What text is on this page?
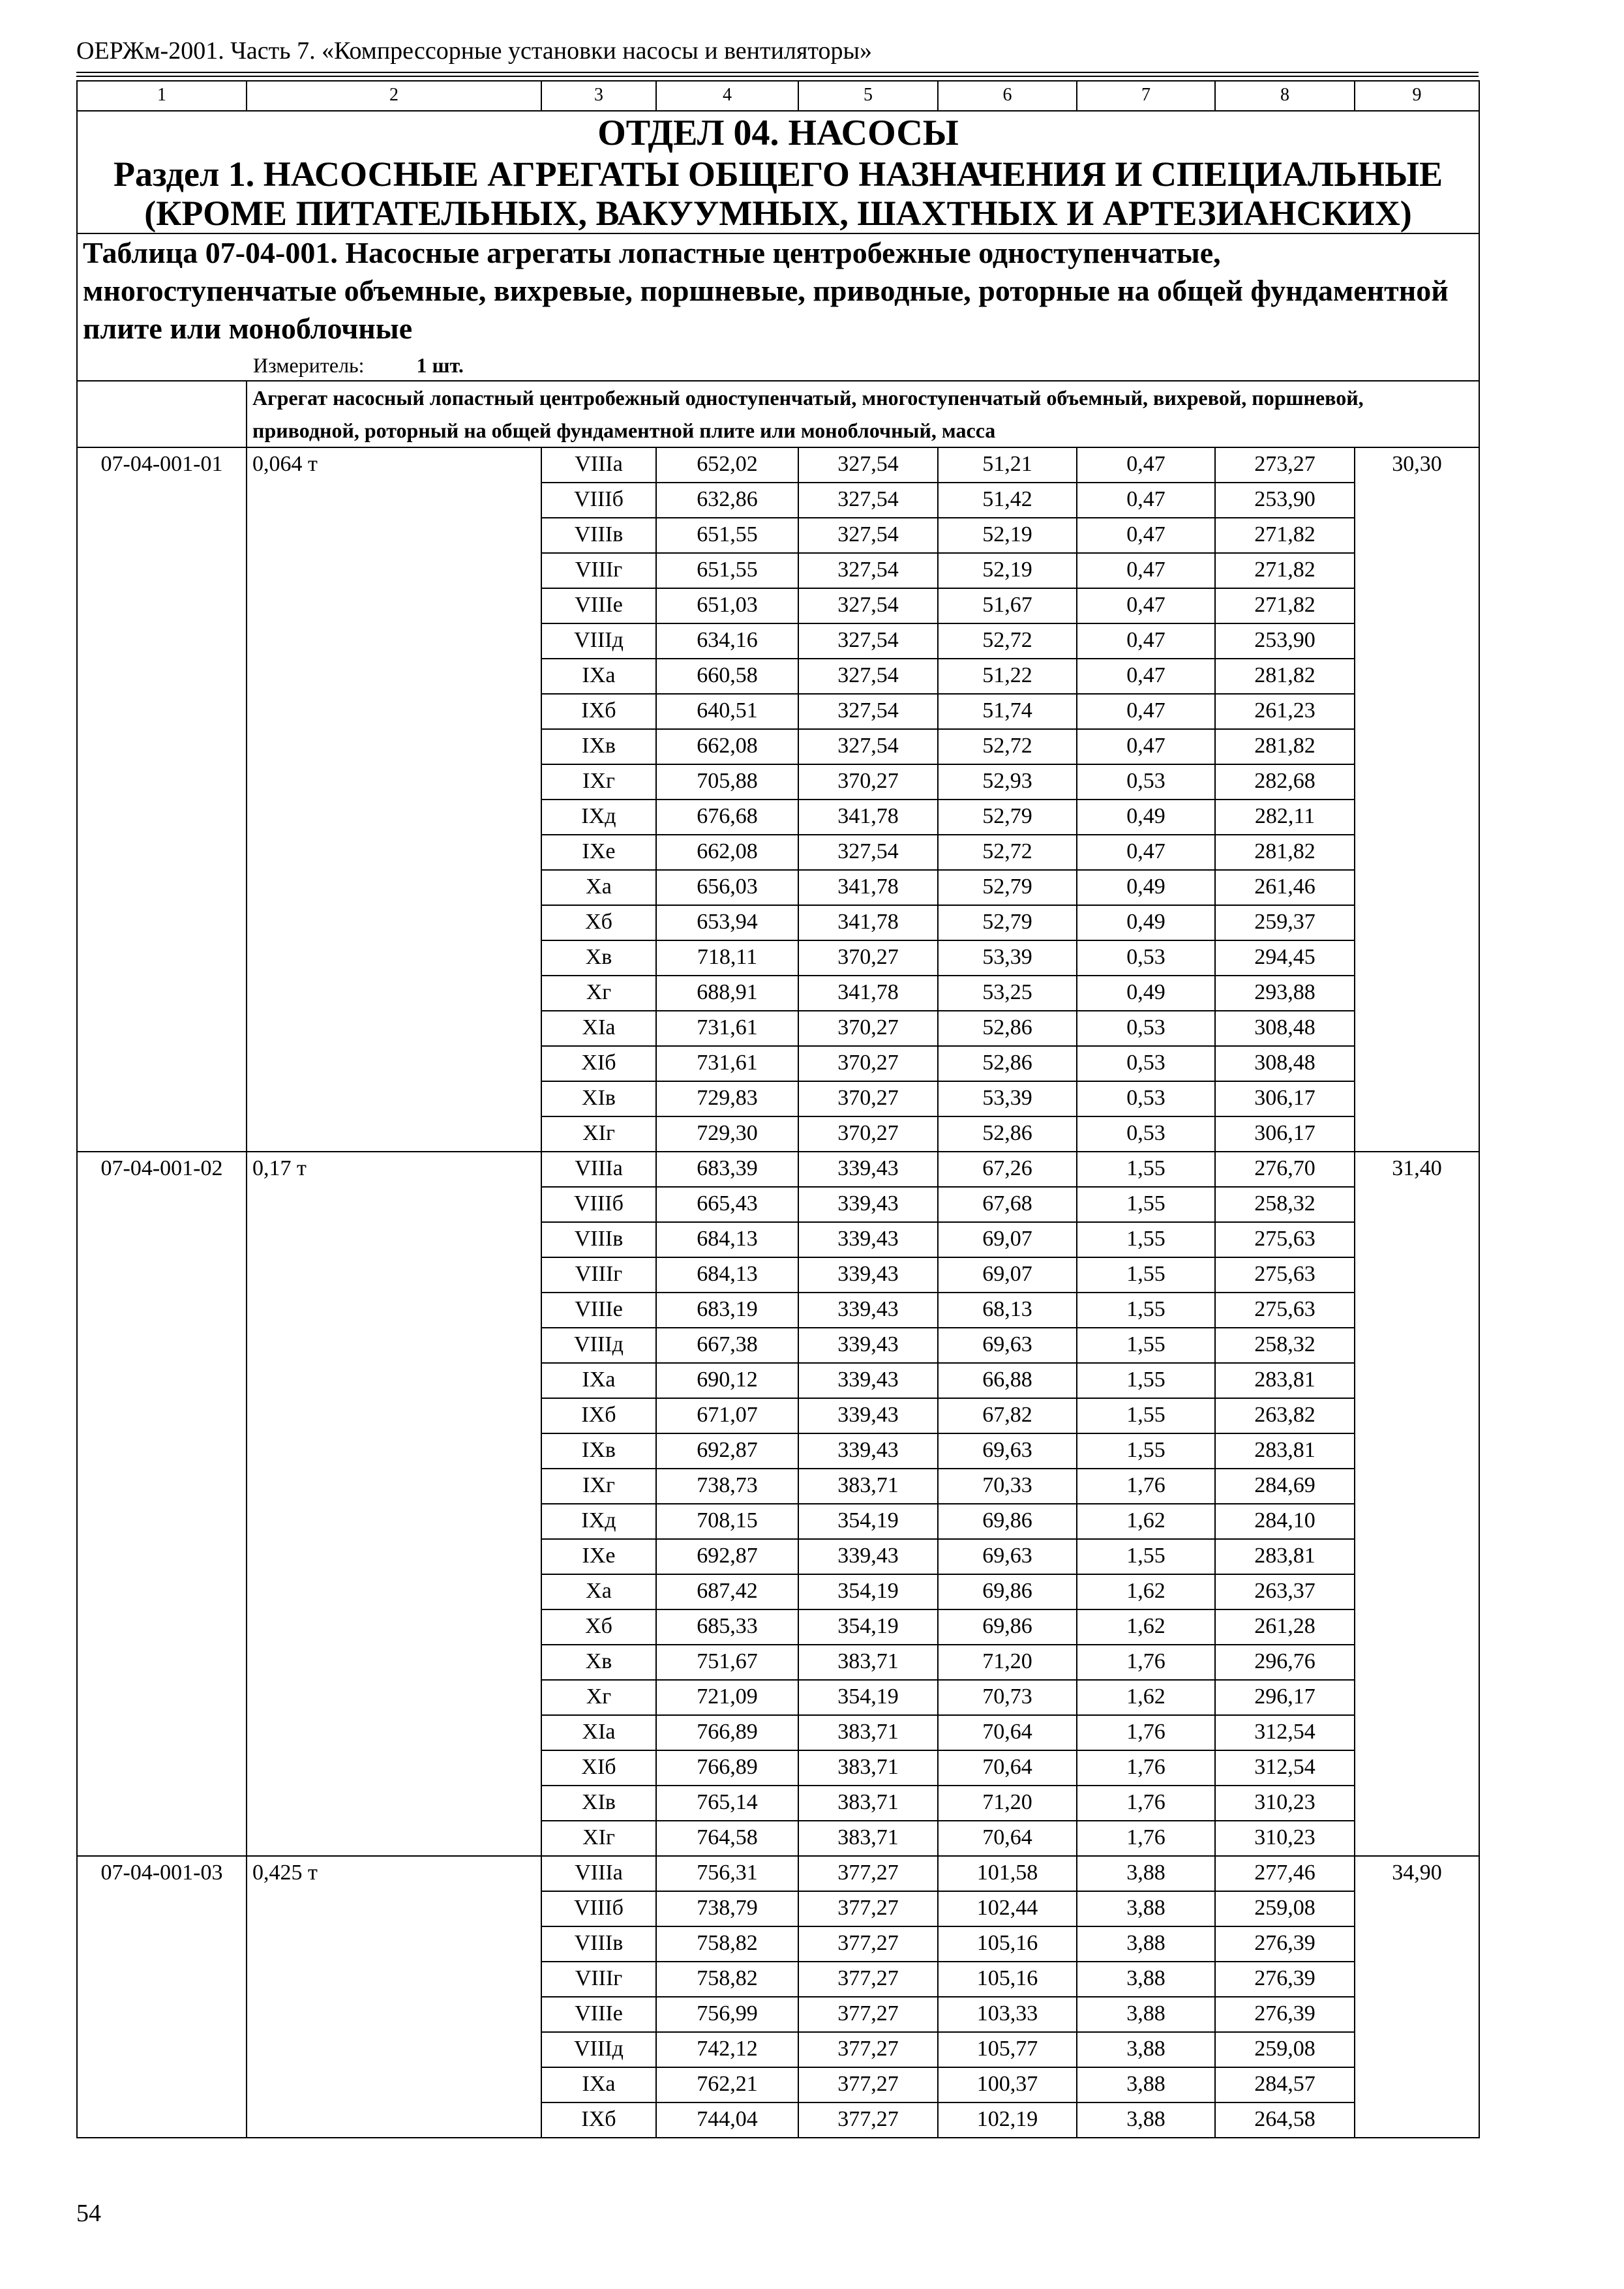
ОЕРЖм-2001. Часть 7. «Компрессорные установки насосы и вентиляторы»
1	2	3	4	5	6	7	8	9

ОТДЕЛ 04. НАСОСЫ
Раздел 1. НАСОСНЫЕ АГРЕГАТЫ ОБЩЕГО НАЗНАЧЕНИЯ И СПЕЦИАЛЬНЫЕ (КРОМЕ ПИТАТЕЛЬНЫХ, ВАКУУМНЫХ, ШАХТНЫХ И АРТЕЗИАНСКИХ)								

Таблица 07-04-001. Насосные агрегаты лопастные центробежные одноступенчатые, многоступенчатые объемные, вихревые, поршневые, приводные, роторные на общей фундаментной плите или моноблочные
Измеритель: 1 шт.								

	Агрегат насосный лопастный центробежный одноступенчатый, многоступенчатый объемный, вихревой, поршневой, приводной, роторный на общей фундаментной плите или моноблочный, масса							
07-04-001-01	0,064 т	VIIIа	652,02	327,54	51,21	0,47	273,27	30,30
		VIIIб	632,86	327,54	51,42	0,47	253,90	
		VIIIв	651,55	327,54	52,19	0,47	271,82	
		VIIIг	651,55	327,54	52,19	0,47	271,82	
		VIIIе	651,03	327,54	51,67	0,47	271,82	
		VIIIд	634,16	327,54	52,72	0,47	253,90	
		IXа	660,58	327,54	51,22	0,47	281,82	
		IXб	640,51	327,54	51,74	0,47	261,23	
		IXв	662,08	327,54	52,72	0,47	281,82	
		IXг	705,88	370,27	52,93	0,53	282,68	
		IXд	676,68	341,78	52,79	0,49	282,11	
		IXе	662,08	327,54	52,72	0,47	281,82	
		Xа	656,03	341,78	52,79	0,49	261,46	
		Xб	653,94	341,78	52,79	0,49	259,37	
		Xв	718,11	370,27	53,39	0,53	294,45	
		Xг	688,91	341,78	53,25	0,49	293,88	
		XIа	731,61	370,27	52,86	0,53	308,48	
		XIб	731,61	370,27	52,86	0,53	308,48	
		XIв	729,83	370,27	53,39	0,53	306,17	
		XIг	729,30	370,27	52,86	0,53	306,17	
07-04-001-02	0,17 т	VIIIа	683,39	339,43	67,26	1,55	276,70	31,40
		VIIIб	665,43	339,43	67,68	1,55	258,32	
		VIIIв	684,13	339,43	69,07	1,55	275,63	
		VIIIг	684,13	339,43	69,07	1,55	275,63	
		VIIIе	683,19	339,43	68,13	1,55	275,63	
		VIIIд	667,38	339,43	69,63	1,55	258,32	
		IXа	690,12	339,43	66,88	1,55	283,81	
		IXб	671,07	339,43	67,82	1,55	263,82	
		IXв	692,87	339,43	69,63	1,55	283,81	
		IXг	738,73	383,71	70,33	1,76	284,69	
		IXд	708,15	354,19	69,86	1,62	284,10	
		IXе	692,87	339,43	69,63	1,55	283,81	
		Xа	687,42	354,19	69,86	1,62	263,37	
		Xб	685,33	354,19	69,86	1,62	261,28	
		Xв	751,67	383,71	71,20	1,76	296,76	
		Xг	721,09	354,19	70,73	1,62	296,17	
		XIа	766,89	383,71	70,64	1,76	312,54	
		XIб	766,89	383,71	70,64	1,76	312,54	
		XIв	765,14	383,71	71,20	1,76	310,23	
		XIг	764,58	383,71	70,64	1,76	310,23	
07-04-001-03	0,425 т	VIIIа	756,31	377,27	101,58	3,88	277,46	34,90
		VIIIб	738,79	377,27	102,44	3,88	259,08	
		VIIIв	758,82	377,27	105,16	3,88	276,39	
		VIIIг	758,82	377,27	105,16	3,88	276,39	
		VIIIе	756,99	377,27	103,33	3,88	276,39	
		VIIIд	742,12	377,27	105,77	3,88	259,08	
		IXа	762,21	377,27	100,37	3,88	284,57	
		IXб	744,04	377,27	102,19	3,88	264,58	
54
